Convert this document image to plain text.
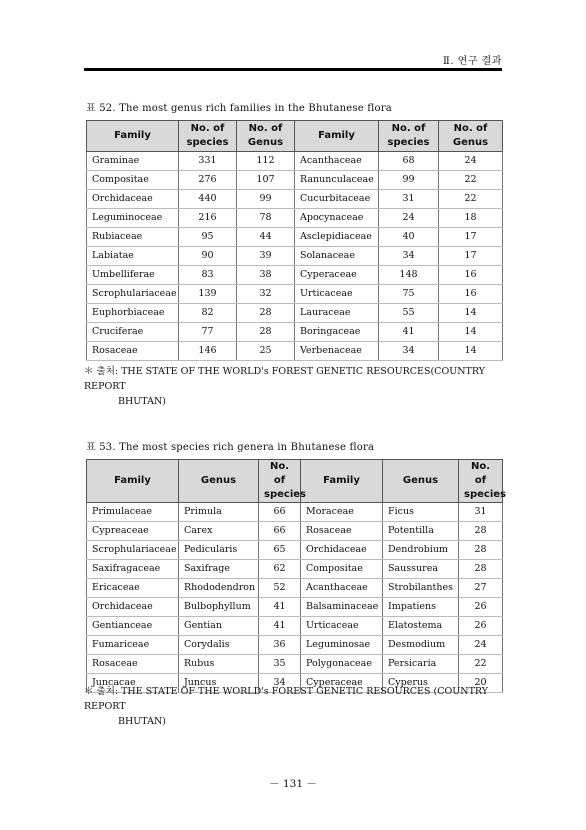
Ⅱ. 연구 결과
표 52. The most genus rich families in the Bhutanese flora
Family	No. of species	No. of Genus	Family	No. of species	No. of Genus
Graminae	331	112	Acanthaceae	68	24
Compositae	276	107	Ranunculaceae	99	22
Orchidaceae	440	99	Cucurbitaceae	31	22
Leguminoceae	216	78	Apocynaceae	24	18
Rubiaceae	95	44	Asclepidiaceae	40	17
Labiatae	90	39	Solanaceae	34	17
Umbelliferae	83	38	Cyperaceae	148	16
Scrophulariaceae	139	32	Urticaceae	75	16
Euphorbiaceae	82	28	Lauraceae	55	14
Cruciferae	77	28	Boringaceae	41	14
Rosaceae	146	25	Verbenaceae	34	14
＊ 출처: THE STATE OF THE WORLD's FOREST GENETIC RESOURCES(COUNTRY REPORT
BHUTAN)
표 53. The most species rich genera in Bhutanese flora
Family	Genus	No. of species	Family	Genus	No. of species
Primulaceae	Primula	66	Moraceae	Ficus	31
Cypreaceae	Carex	66	Rosaceae	Potentilla	28
Scrophulariaceae	Pedicularis	65	Orchidaceae	Dendrobium	28
Saxifragaceae	Saxifrage	62	Compositae	Saussurea	28
Ericaceae	Rhododendron	52	Acanthaceae	Strobilanthes	27
Orchidaceae	Bulbophyllum	41	Balsaminaceae	Impatiens	26
Gentianceae	Gentian	41	Urticaceae	Elatostema	26
Fumariceae	Corydalis	36	Leguminosae	Desmodium	24
Rosaceae	Rubus	35	Polygonaceae	Persicaria	22
Juncacae	Juncus	34	Cyperaceae	Cyperus	20
＊ 출처: THE STATE OF THE WORLD's FOREST GENETIC RESOURCES (COUNTRY REPORT
BHUTAN)
－ 131 －
